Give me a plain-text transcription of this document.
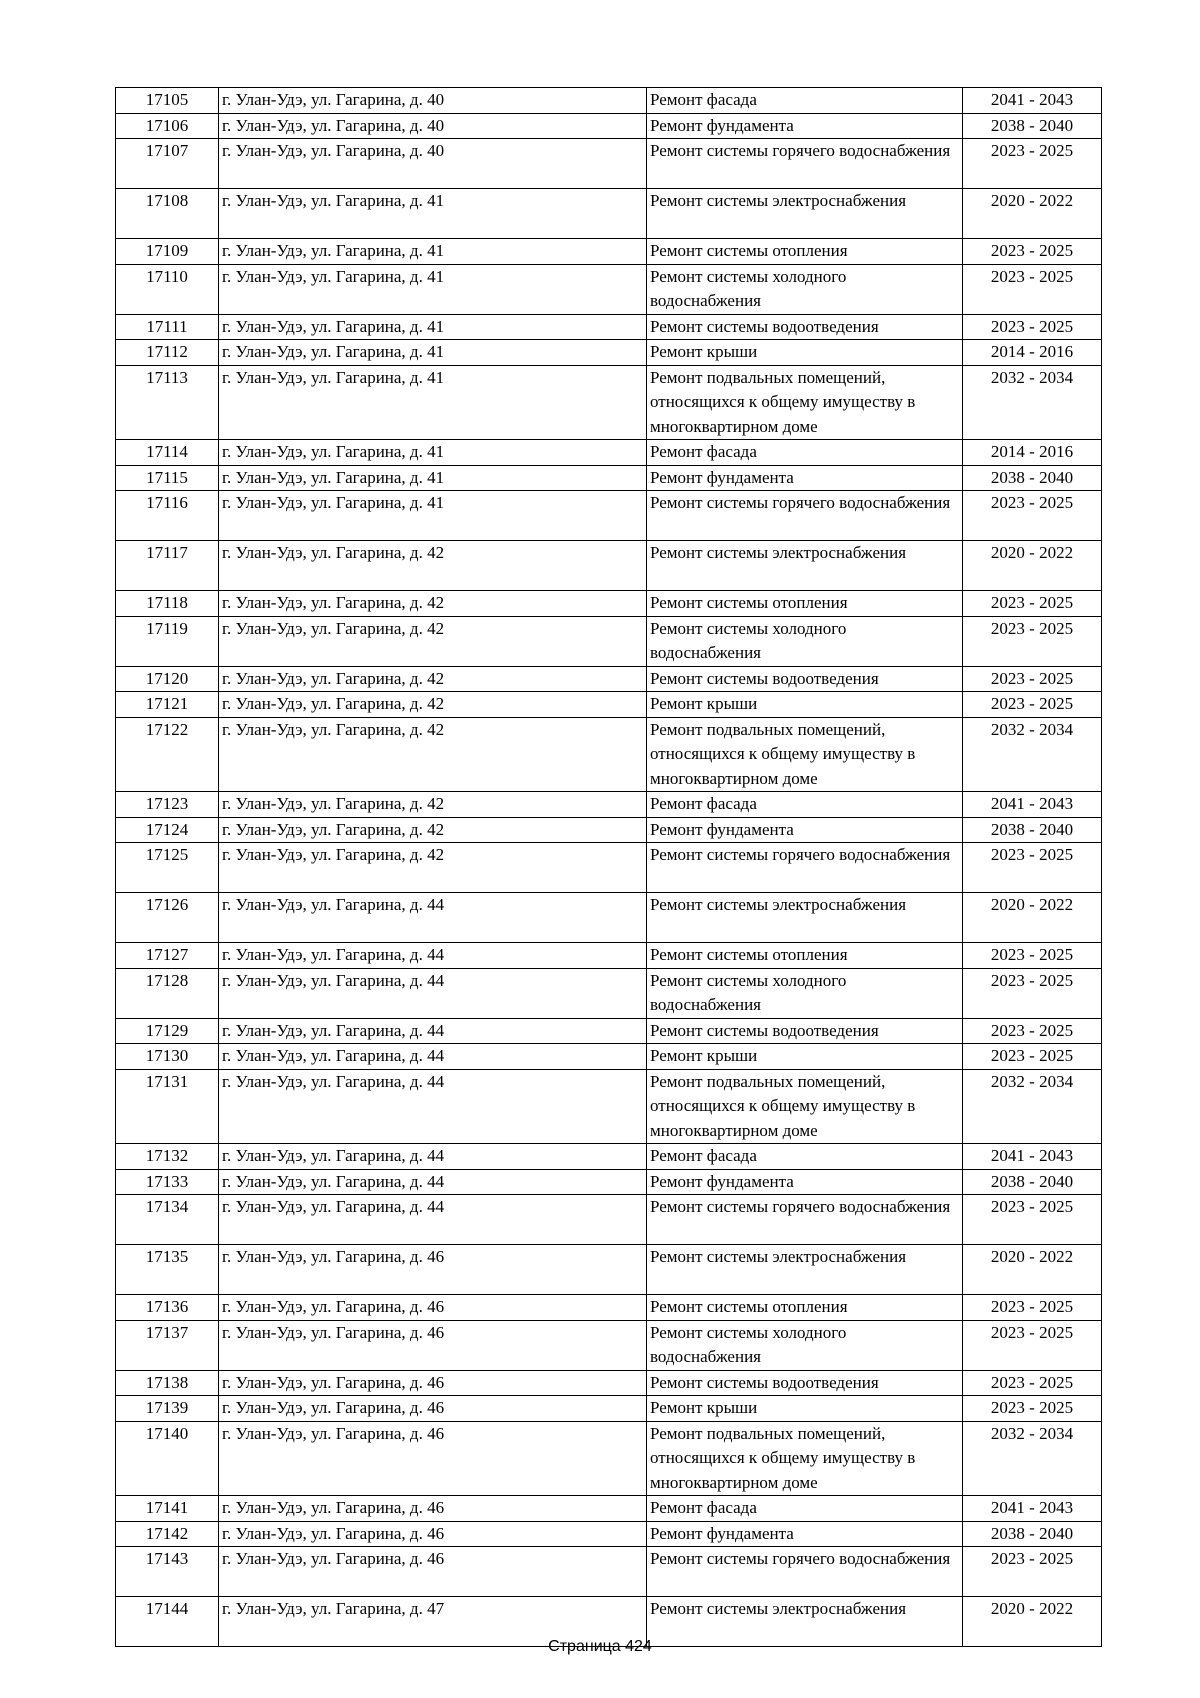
17105	г. Улан-Удэ, ул. Гагарина, д. 40	Ремонт фасада	2041 - 2043
17106	г. Улан-Удэ, ул. Гагарина, д. 40	Ремонт фундамента	2038 - 2040
17107	г. Улан-Удэ, ул. Гагарина, д. 40	Ремонт системы горячего водоснабжения	2023 - 2025
17108	г. Улан-Удэ, ул. Гагарина, д. 41	Ремонт системы электроснабжения	2020 - 2022
17109	г. Улан-Удэ, ул. Гагарина, д. 41	Ремонт системы отопления	2023 - 2025
17110	г. Улан-Удэ, ул. Гагарина, д. 41	Ремонт системы холодного водоснабжения	2023 - 2025
17111	г. Улан-Удэ, ул. Гагарина, д. 41	Ремонт системы водоотведения	2023 - 2025
17112	г. Улан-Удэ, ул. Гагарина, д. 41	Ремонт крыши	2014 - 2016
17113	г. Улан-Удэ, ул. Гагарина, д. 41	Ремонт подвальных помещений, относящихся к общему имуществу в многоквартирном доме	2032 - 2034
17114	г. Улан-Удэ, ул. Гагарина, д. 41	Ремонт фасада	2014 - 2016
17115	г. Улан-Удэ, ул. Гагарина, д. 41	Ремонт фундамента	2038 - 2040
17116	г. Улан-Удэ, ул. Гагарина, д. 41	Ремонт системы горячего водоснабжения	2023 - 2025
17117	г. Улан-Удэ, ул. Гагарина, д. 42	Ремонт системы электроснабжения	2020 - 2022
17118	г. Улан-Удэ, ул. Гагарина, д. 42	Ремонт системы отопления	2023 - 2025
17119	г. Улан-Удэ, ул. Гагарина, д. 42	Ремонт системы холодного водоснабжения	2023 - 2025
17120	г. Улан-Удэ, ул. Гагарина, д. 42	Ремонт системы водоотведения	2023 - 2025
17121	г. Улан-Удэ, ул. Гагарина, д. 42	Ремонт крыши	2023 - 2025
17122	г. Улан-Удэ, ул. Гагарина, д. 42	Ремонт подвальных помещений, относящихся к общему имуществу в многоквартирном доме	2032 - 2034
17123	г. Улан-Удэ, ул. Гагарина, д. 42	Ремонт фасада	2041 - 2043
17124	г. Улан-Удэ, ул. Гагарина, д. 42	Ремонт фундамента	2038 - 2040
17125	г. Улан-Удэ, ул. Гагарина, д. 42	Ремонт системы горячего водоснабжения	2023 - 2025
17126	г. Улан-Удэ, ул. Гагарина, д. 44	Ремонт системы электроснабжения	2020 - 2022
17127	г. Улан-Удэ, ул. Гагарина, д. 44	Ремонт системы отопления	2023 - 2025
17128	г. Улан-Удэ, ул. Гагарина, д. 44	Ремонт системы холодного водоснабжения	2023 - 2025
17129	г. Улан-Удэ, ул. Гагарина, д. 44	Ремонт системы водоотведения	2023 - 2025
17130	г. Улан-Удэ, ул. Гагарина, д. 44	Ремонт крыши	2023 - 2025
17131	г. Улан-Удэ, ул. Гагарина, д. 44	Ремонт подвальных помещений, относящихся к общему имуществу в многоквартирном доме	2032 - 2034
17132	г. Улан-Удэ, ул. Гагарина, д. 44	Ремонт фасада	2041 - 2043
17133	г. Улан-Удэ, ул. Гагарина, д. 44	Ремонт фундамента	2038 - 2040
17134	г. Улан-Удэ, ул. Гагарина, д. 44	Ремонт системы горячего водоснабжения	2023 - 2025
17135	г. Улан-Удэ, ул. Гагарина, д. 46	Ремонт системы электроснабжения	2020 - 2022
17136	г. Улан-Удэ, ул. Гагарина, д. 46	Ремонт системы отопления	2023 - 2025
17137	г. Улан-Удэ, ул. Гагарина, д. 46	Ремонт системы холодного водоснабжения	2023 - 2025
17138	г. Улан-Удэ, ул. Гагарина, д. 46	Ремонт системы водоотведения	2023 - 2025
17139	г. Улан-Удэ, ул. Гагарина, д. 46	Ремонт крыши	2023 - 2025
17140	г. Улан-Удэ, ул. Гагарина, д. 46	Ремонт подвальных помещений, относящихся к общему имуществу в многоквартирном доме	2032 - 2034
17141	г. Улан-Удэ, ул. Гагарина, д. 46	Ремонт фасада	2041 - 2043
17142	г. Улан-Удэ, ул. Гагарина, д. 46	Ремонт фундамента	2038 - 2040
17143	г. Улан-Удэ, ул. Гагарина, д. 46	Ремонт системы горячего водоснабжения	2023 - 2025
17144	г. Улан-Удэ, ул. Гагарина, д. 47	Ремонт системы электроснабжения	2020 - 2022
Страница 424
